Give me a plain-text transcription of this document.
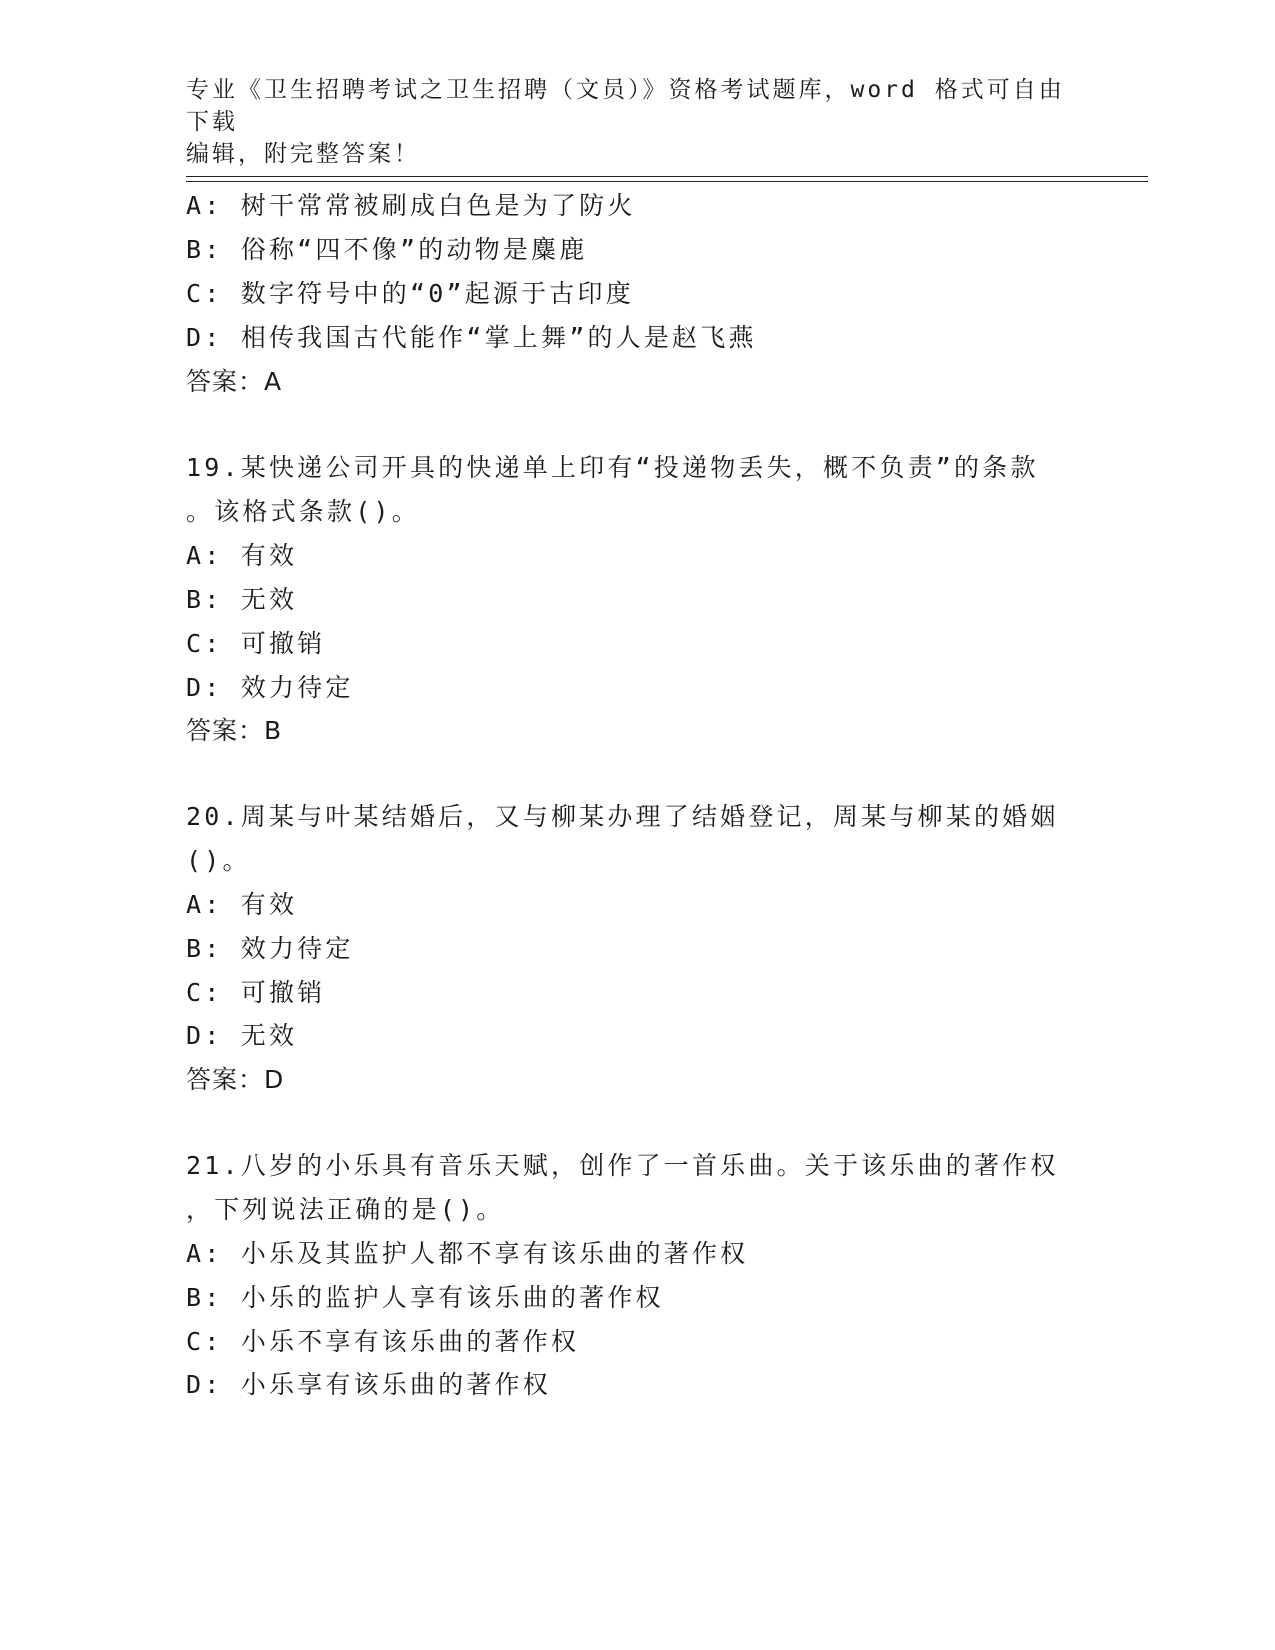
专业《卫生招聘考试之卫生招聘（文员）》资格考试题库，word 格式可自由下载
编辑，附完整答案！
A: 树干常常被刷成白色是为了防火
B: 俗称“四不像”的动物是麋鹿
C: 数字符号中的“0”起源于古印度
D: 相传我国古代能作“掌上舞”的人是赵飞燕
答案：A
19.某快递公司开具的快递单上印有“投递物丢失，概不负责”的条款
。该格式条款()。
A: 有效
B: 无效
C: 可撤销
D: 效力待定
答案：B
20.周某与叶某结婚后，又与柳某办理了结婚登记，周某与柳某的婚姻
()。
A: 有效
B: 效力待定
C: 可撤销
D: 无效
答案：D
21.八岁的小乐具有音乐天赋，创作了一首乐曲。关于该乐曲的著作权
，下列说法正确的是()。
A: 小乐及其监护人都不享有该乐曲的著作权
B: 小乐的监护人享有该乐曲的著作权
C: 小乐不享有该乐曲的著作权
D: 小乐享有该乐曲的著作权
